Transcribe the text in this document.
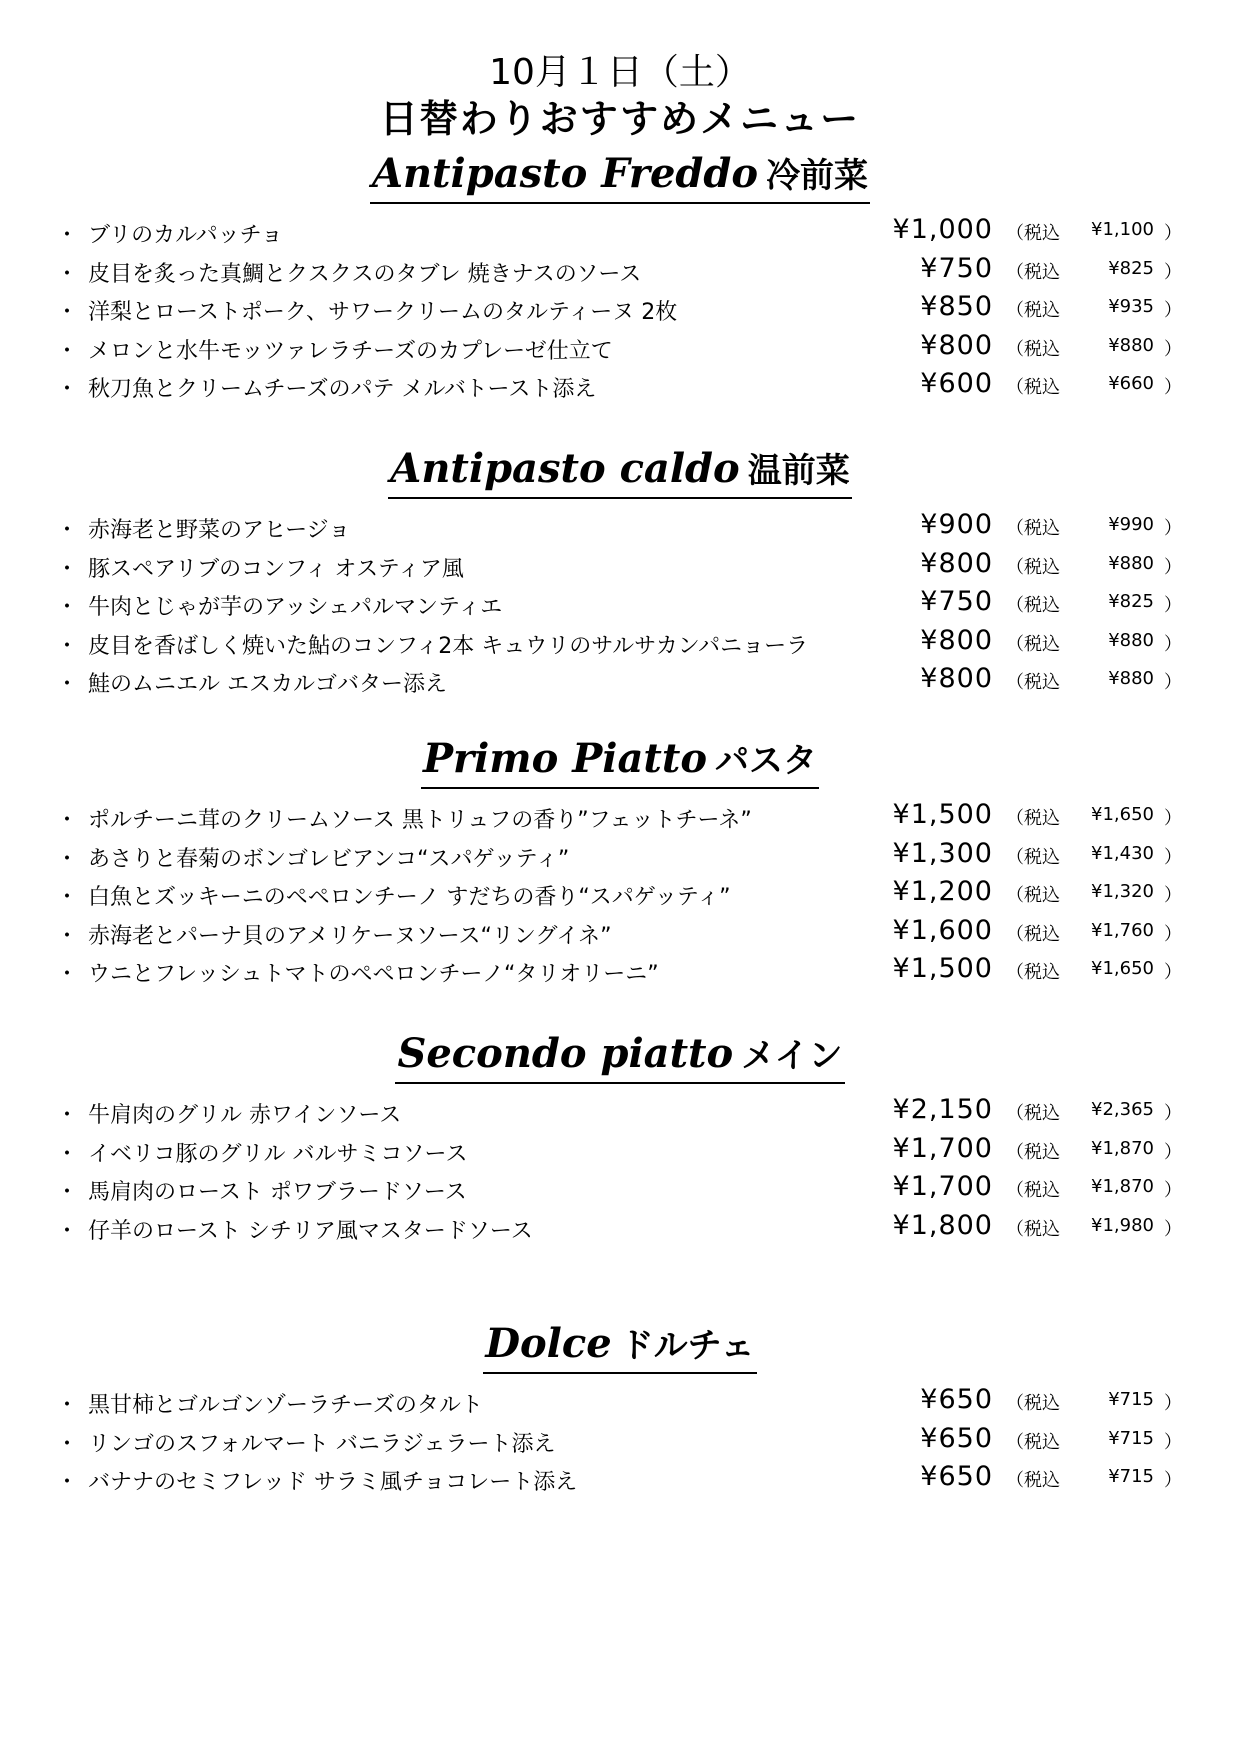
10月１日（土）
日替わりおすすめメニュー
Antipasto Freddo 冷前菜
・ ブリのカルパッチョ	¥1,000 （税込 ¥1,100 ）
・ 皮目を炙った真鯛とクスクスのタブレ 焼きナスのソース	¥750 （税込	¥825 ）
・ 洋梨とローストポーク、サワークリームのタルティーヌ 2枚	¥850 （税込	¥935 ）
・ メロンと水牛モッツァレラチーズのカプレーゼ仕立て	¥800 （税込	¥880 ）
・ 秋刀魚とクリームチーズのパテ メルバトースト添え	¥600 （税込	¥660 ）
Antipasto caldo 温前菜
・ 赤海老と野菜のアヒージョ	¥900 （税込	¥990 ）
・ 豚スペアリブのコンフィ オスティア風	¥800 （税込	¥880 ）
・ 牛肉とじゃが芋のアッシェパルマンティエ	¥750 （税込	¥825 ）
・ 皮目を香ばしく焼いた鮎のコンフィ2本 キュウリのサルサカンパニョーラ	¥800 （税込	¥880 ）
・ 鮭のムニエル エスカルゴバター添え	¥800 （税込	¥880 ）
Primo Piatto パスタ
・ ポルチーニ茸のクリームソース 黒トリュフの香り”フェットチーネ”	¥1,500 （税込 ¥1,650 ）
・ あさりと春菊のボンゴレビアンコ“スパゲッティ”	¥1,300 （税込 ¥1,430 ）
・ 白魚とズッキーニのペペロンチーノ すだちの香り“スパゲッティ”	¥1,200 （税込 ¥1,320 ）
・ 赤海老とパーナ貝のアメリケーヌソース“リングイネ”	¥1,600 （税込 ¥1,760 ）
・ ウニとフレッシュトマトのペペロンチーノ“タリオリーニ”	¥1,500 （税込 ¥1,650 ）
Secondo piatto メイン
・ 牛肩肉のグリル 赤ワインソース	¥2,150 （税込 ¥2,365 ）
・ イベリコ豚のグリル バルサミコソース	¥1,700 （税込 ¥1,870 ）
・ 馬肩肉のロースト ポワブラードソース	¥1,700 （税込 ¥1,870 ）
・ 仔羊のロースト シチリア風マスタードソース	¥1,800 （税込 ¥1,980 ）
Dolce ドルチェ
・ 黒甘柿とゴルゴンゾーラチーズのタルト	¥650 （税込	¥715 ）
・ リンゴのスフォルマート バニラジェラート添え	¥650 （税込	¥715 ）
・ バナナのセミフレッド サラミ風チョコレート添え	¥650 （税込	¥715 ）
